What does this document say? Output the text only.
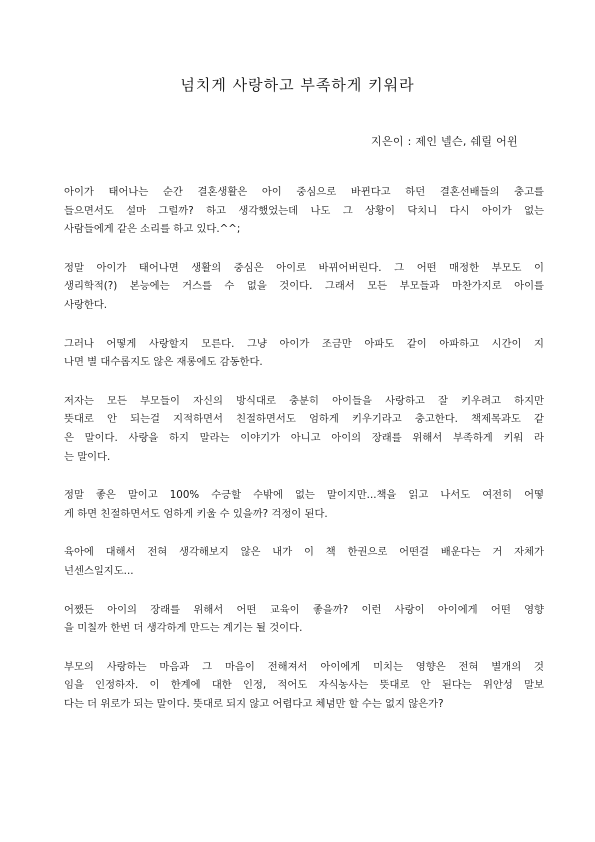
넘치게 사랑하고 부족하게 키워라
지은이 : 제인 넬슨, 쉐릴 어윈

아이가 태어나는 순간 결혼생활은 아이 중심으로 바뀐다고 하던 결혼선배들의 충고를
들으면서도 설마 그럴까? 하고 생각했었는데 나도 그 상황이 닥치니 다시 아이가 없는
사람들에게 같은 소리를 하고 있다.^^;

정말 아이가 태어나면 생활의 중심은 아이로 바뀌어버린다. 그 어떤 매정한 부모도 이
생리학적(?) 본능에는 거스를 수 없을 것이다. 그래서 모든 부모들과 마찬가지로 아이를
사랑한다.

그러나 어떻게 사랑할지 모른다. 그냥 아이가 조금만 아파도 같이 아파하고 시간이 지
나면 별 대수롭지도 않은 재롱에도 감동한다.

저자는 모든 부모들이 자신의 방식대로 충분히 아이들을 사랑하고 잘 키우려고 하지만
뜻대로 안 되는걸 지적하면서 친절하면서도 엄하게 키우기라고 충고한다. 책제목과도 같
은 말이다. 사랑을 하지 말라는 이야기가 아니고 아이의 장래를 위해서 부족하게 키워 라
는 말이다.

정말 좋은 말이고 100% 수긍할 수밖에 없는 말이지만...책을 읽고 나서도 여전히 어떻
게 하면 친절하면서도 엄하게 키울 수 있을까? 걱정이 된다.

육아에 대해서 전혀 생각해보지 않은 내가 이 책 한권으로 어떤걸 배운다는 거 자체가
넌센스일지도...

어쨌든 아이의 장래를 위해서 어떤 교육이 좋을까? 이런 사랑이 아이에게 어떤 영향
을 미칠까 한번 더 생각하게 만드는 계기는 될 것이다.

부모의 사랑하는 마음과 그 마음이 전해져서 아이에게 미치는 영향은 전혀 별개의 것
임을 인정하자. 이 한계에 대한 인정, 적어도 자식농사는 뜻대로 안 된다는 위안성 말보
다는 더 위로가 되는 말이다. 뜻대로 되지 않고 어렵다고 체념만 할 수는 없지 않은가?
